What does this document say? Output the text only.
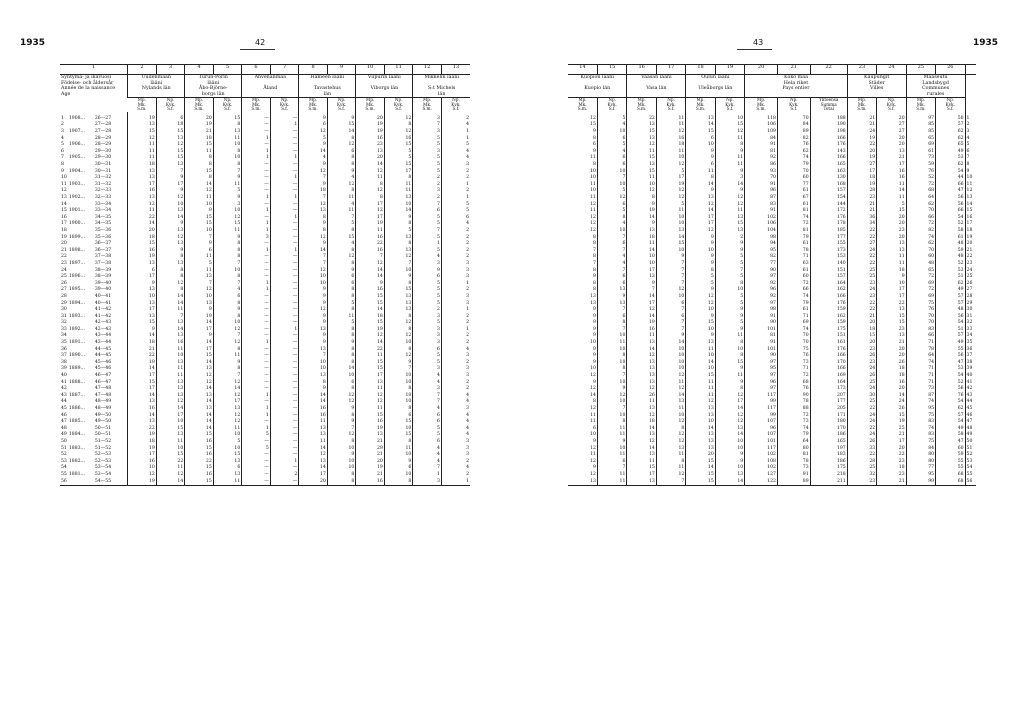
1935	42	43	1935
1			2	3	4	5	6	7	8	9	10	11	12	13
Syntymä- ja ikävuosi
Födelse- och åldersår
Année de la naissance
Age			Uudenmaan
lääni
Nylands län		Turun-Porin
lääni
Åbo-Björne-
borgs län		Ahvenanmaa

Åland		Hämeen lääni

Tavastehus
län		Viipurin lääni

Viborgs län		Mikkelin lääni

S:t Michels
län	
			Mp.
Mk.
S.m.	Np.
Kvk.
S.f.	Mp.
Mk.
S.m.	Np.
Kvk.
S.f.	Mp.
Mk.
S.m.	Np.
Kvk.
S.f.	Mp.
Mk.
S.m.	Np.
Kvk.
S.f.	Mp.
Mk.
S.m.	Np.
Kvk.
S.f.	Mp.
Mk.
S.m.	Np.
Kvk.
S.f.
1	1908...	26—27	19	6	20	15	—	—	9	9	20	12	3	2
2		27—28	13	18	19	8	—	1	6	15	19	8	7	4
3	1907...	27—28	15	15	21	13	—	—	12	14	19	12	3	1
4		28—29	12	13	18	11	1	—	5	8	16	16	5	1
5	1906...	28—29	11	12	15	10	—	—	9	12	23	15	5	5
6		29—30	11	15	11	8	1	—	14	6	13	5	3	4
7	1905...	29—30	11	15	8	10	1	1	4	8	20	5	5	4
8		30—31	18	13	8	8	—	—	9	8	14	15	5	3
9	1904...	30—31	13	7	15	7	—	—	12	9	12	17	5	2
10		31—32	13	9	8	9	—	1	7	4	11	8	2	2
11	1903...	31—32	17	17	14	11	—	—	9	12	8	11	2	1
12		32—33	16	9	12	5	—	—	18	8	12	11	3	2
13	1902...	32—33	13	12	11	9	1	1	7	11	8	13	2	1
14		33—34	12	10	10	3	—	—	12	4	17	10	7	5
15	1901...	33—34	11	13	9	10	1	—	13	11	12	14	6	5
16		34—35	22	14	15	12	—	1	8	7	17	9	5	6
17	1900...	34—35	14	9	15	15	1	—	9	5	19	8	5	4
18		35—36	20	13	10	11	1	—	8	8	11	5	7	2
19	1899...	35—36	18	12	7	9	3	—	12	15	16	13	5	2
20		36—37	15	13	9	8	—	—	9	4	22	8	1	2
21	1898...	36—37	16	9	6	8	1	1	14	8	16	13	5	2
22		37—38	19	8	11	8	—	—	7	12	7	12	4	2
23	1897...	37—38	13	13	5	7	—	—	7	8	12	7	3	3
24		38—39	6	8	11	10	—	—	12	9	14	10	9	3
25	1896...	38—39	17	8	13	8	—	—	10	6	14	9	6	3
26		39—40	9	12	7	7	1	—	10	6	9	8	5	1
27	1895...	39—40	13	8	12	4	1	—	9	8	16	15	5	2
28		40—41	10	14	10	6	—	—	9	8	15	13	5	3
29	1894...	40—41	13	14	13	8	—	—	9	5	15	13	5	3
30		41—42	17	11	9	9	—	—	12	8	14	13	2	1
31	1893...	41—42	13	7	19	8	—	—	9	11	18	8	3	2
32		42—43	15	13	14	10	—	—	9	5	15	12	5	2
33	1892...	42—43	9	14	17	12	—	1	13	8	19	8	3	1
34		43—44	14	13	9	7	—	—	9	8	12	12	3	2
35	1891...	43—44	18	16	14	12	1	—	9	9	14	10	3	2
36		44—45	21	11	17	8	—	—	13	8	22	8	6	4
37	1890...	44—45	22	10	15	11	—	—	7	8	11	12	5	3
38		45—46	19	13	14	9	—	—	10	8	15	9	5	2
39	1889...	45—46	14	11	13	8	—	—	10	14	15	7	3	3
40		46—47	17	11	12	7	—	—	13	10	17	10	4	3
41	1888...	46—47	15	13	12	12	—	—	8	6	13	10	4	2
42		47—48	17	13	14	14	—	—	9	8	11	8	3	2
43	1887...	47—48	14	13	13	12	1	—	14	12	12	10	7	4
44		48—49	13	12	14	17	—	—	14	12	12	10	7	4
45	1886...	48—49	16	14	13	13	1	—	16	9	11	8	4	3
46		49—50	14	17	14	12	1	—	16	8	15	6	6	4
47	1885...	49—50	13	10	14	12	—	—	11	9	16	15	6	4
48		50—51	22	15	14	11	1	—	13	7	19	10	5	4
49	1884...	50—51	19	13	15	10	5	—	13	12	13	15	5	4
50		51—52	18	11	16	5	—	—	11	8	21	8	6	3
51	1883...	51—52	19	10	15	10	5	—	14	10	29	11	4	3
52		52—53	17	15	16	15	—	—	12	9	21	10	4	3
53	1882...	52—53	16	22	22	13	—	1	13	10	20	9	4	2
54		53—54	10	11	15	6	—	—	14	10	19	6	7	4
55	1881...	53—54	12	12	16	13	—	2	17	8	21	10	1	2
56		54—55	19	14	15	11	—	—	20	8	16	8	3	1
14	15	16	17	18	19	20	21	22	23	24	25	26	
Kuopion lääni

Kuopio län		Vaasan lääni

Vasa län		Oulun lääni

Uleåborgs län		Koko maa
Hela riket
Pays entier			Kaupungit
Städer
Villes		Maaseutu
Landsbygd
Communes
rurales		
Mp.
Mk.
S.m.	Np.
Kvk.
S.f.	Mp.
Mk.
S.m.	Np.
Kvk.
S.f.	Mp.
Mk.
S.m.	Np.
Kvk.
S.f.	Mp.
Mk.
S.m.	Np.
Kvk.
S.f.	Yhteensä
Summa
Total	Mp.
Mk.
S.m.	Np.
Kvk.
S.f.	Mp.
Mk.
S.m.	Np.
Kvk.
S.f.	
12	5	22	11	13	10	118	70	188	21	20	97	50	1
15	4	13	11	14	15	106	84	190	21	27	85	57	2
9	10	15	12	15	12	109	89	198	24	27	85	62	3
8	6	13	16	6	11	84	82	166	19	20	65	62	4
6	5	12	18	10	8	91	76	176	22	20	69	65	5
9	4	11	11	9	9	81	62	143	20	13	61	49	6
11	6	15	10	9	11	92	74	166	19	21	73	53	7
8	6	13	12	6	11	86	79	165	27	17	59	62	8
10	10	15	5	11	9	93	70	163	17	16	76	54	9
10	7	11	17	8	3	70	60	130	18	16	52	44	10
11	10	10	19	14	14	91	77	168	19	11	72	66	11
10	5	12	12	9	9	96	61	157	28	14	68	47	12
11	12	8	12	13	12	87	67	154	23	11	64	56	13
12	6	9	5	12	12	83	61	144	21	5	62	56	14
11	5	19	11	14	11	91	81	172	21	15	70	66	15
12	8	14	10	17	13	102	74	176	36	20	66	54	16
12	4	9	10	17	15	106	72	178	34	20	72	52	17
12	10	13	13	12	13	104	81	185	22	23	82	58	18
8	7	18	14	9	2	98	79	177	22	20	74	61	19
8	6	11	15	9	9	94	61	155	27	13	62	48	20
7	7	14	10	10	9	95	78	173	24	13	70	59	21
8	4	10	9	9	5	82	71	153	22	11	60	48	22
7	4	10	7	9	5	77	63	140	22	11	48	52	23
8	7	17	7	8	7	90	61	151	25	18	65	53	24
9	6	13	7	5	5	97	60	157	25	9	72	51	25
8	6	9	7	5	8	92	72	164	23	10	69	62	26
8	13	7	12	9	10	96	66	162	24	17	72	49	27
13	9	14	10	12	5	92	74	166	23	17	69	57	28
13	13	17	6	12	5	97	79	176	22	22	75	57	29
9	7	12	7	10	9	98	61	159	22	13	76	48	30
9	6	14	6	9	9	91	71	162	21	15	70	56	31
9	8	19	7	15	5	90	69	159	20	15	70	54	32
9	7	16	7	10	9	101	74	175	18	23	83	51	33
9	10	11	9	9	11	81	70	151	15	13	66	57	34
10	11	13	14	13	8	91	70	161	20	21	71	49	35
9	10	14	10	11	10	101	75	176	23	20	78	55	36
9	8	12	10	10	8	90	76	166	26	20	64	56	37
9	10	13	10	14	15	97	73	170	23	26	74	47	38
10	8	13	10	10	9	95	71	166	24	18	71	53	39
12	7	13	12	15	11	97	72	169	26	18	71	54	40
9	10	13	11	11	9	96	68	164	25	16	71	52	41
12	9	12	12	11	8	97	76	173	24	20	73	56	42
14	12	26	14	11	12	117	90	207	30	14	87	76	43
8	10	11	13	12	17	99	78	177	25	24	74	54	44
12	7	13	11	13	14	117	88	205	22	26	95	62	45
11	10	12	10	13	12	99	72	171	24	15	75	57	46
11	8	18	12	10	12	107	73	180	24	19	83	54	47
6	11	14	8	14	13	96	74	170	22	25	74	49	48
10	11	13	12	13	14	107	79	186	24	21	83	58	49
9	9	12	12	13	10	101	64	165	26	17	75	47	50
12	10	14	13	13	10	117	80	197	33	20	84	60	51
11	11	13	11	20	9	102	81	183	22	22	80	59	52
12	6	11	8	15	9	108	78	186	28	23	80	55	53
9	7	15	11	14	10	102	73	175	25	18	77	55	54
12	11	17	12	15	13	127	91	218	32	23	95	68	55
13	11	13	7	15	14	122	89	211	23	21	99	68	56
